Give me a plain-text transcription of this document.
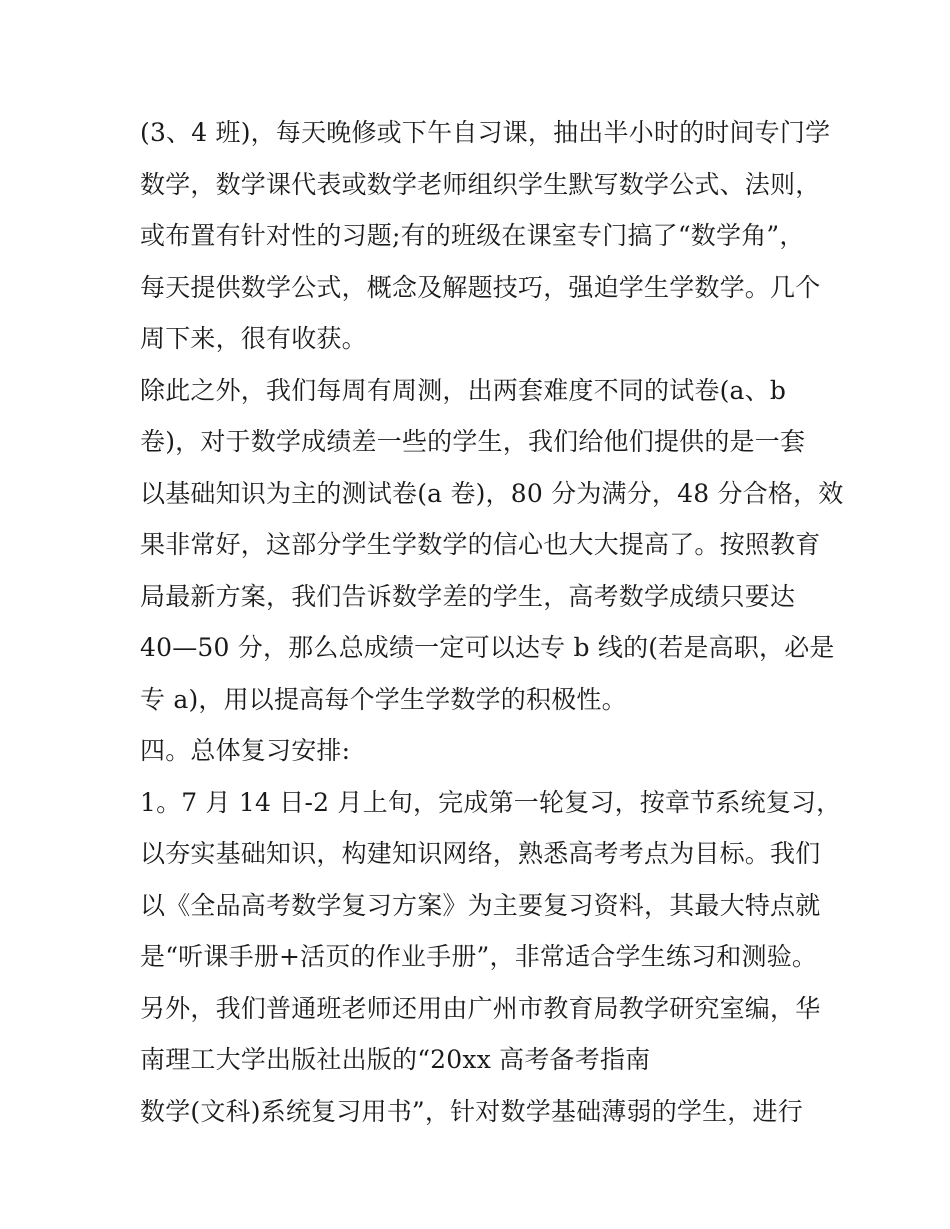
(3、4 班)，每天晚修或下午自习课，抽出半小时的时间专门学
数学，数学课代表或数学老师组织学生默写数学公式、法则，
或布置有针对性的习题;有的班级在课室专门搞了“数学角”，
每天提供数学公式，概念及解题技巧，强迫学生学数学。几个
周下来，很有收获。
除此之外，我们每周有周测，出两套难度不同的试卷(a、b
卷)，对于数学成绩差一些的学生，我们给他们提供的是一套
以基础知识为主的测试卷(a 卷)，80 分为满分，48 分合格，效
果非常好，这部分学生学数学的信心也大大提高了。按照教育
局最新方案，我们告诉数学差的学生，高考数学成绩只要达
40—50 分，那么总成绩一定可以达专 b 线的(若是高职，必是
专 a)，用以提高每个学生学数学的积极性。
四。总体复习安排:
1。7 月 14 日-2 月上旬，完成第一轮复习，按章节系统复习，
以夯实基础知识，构建知识网络，熟悉高考考点为目标。我们
以《全品高考数学复习方案》为主要复习资料，其最大特点就
是“听课手册+活页的作业手册”，非常适合学生练习和测验。
另外，我们普通班老师还用由广州市教育局教学研究室编，华
南理工大学出版社出版的“20xx 高考备考指南
数学(文科)系统复习用书”，针对数学基础薄弱的学生，进行
